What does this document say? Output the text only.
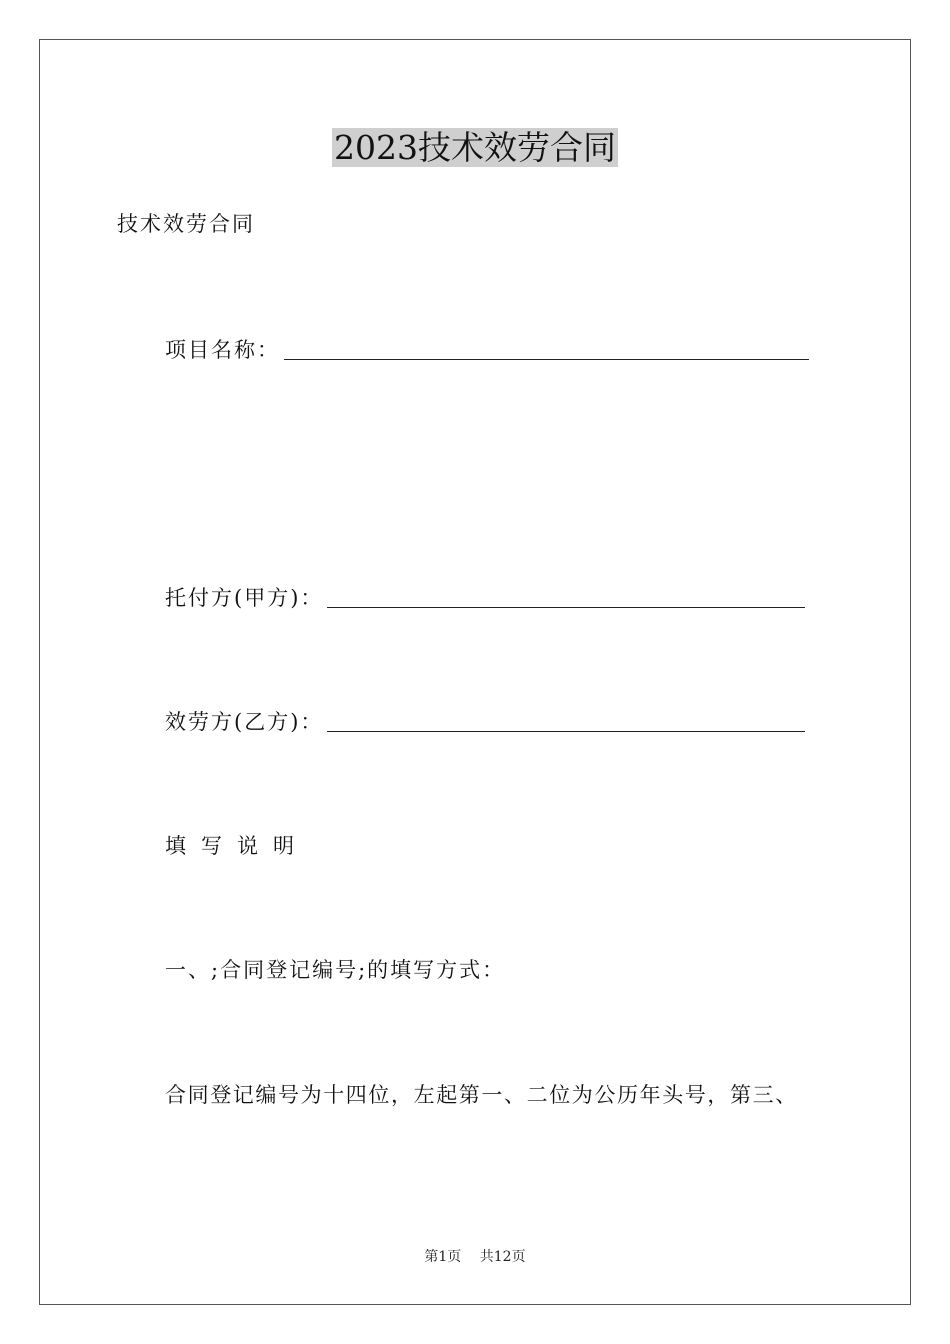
2023技术效劳合同
技术效劳合同
项目名称：
托付方(甲方)：
效劳方(乙方)：
填写说明
一、;合同登记编号;的填写方式：
合同登记编号为十四位，左起第一、二位为公历年头号，第三、
第1页 共12页
